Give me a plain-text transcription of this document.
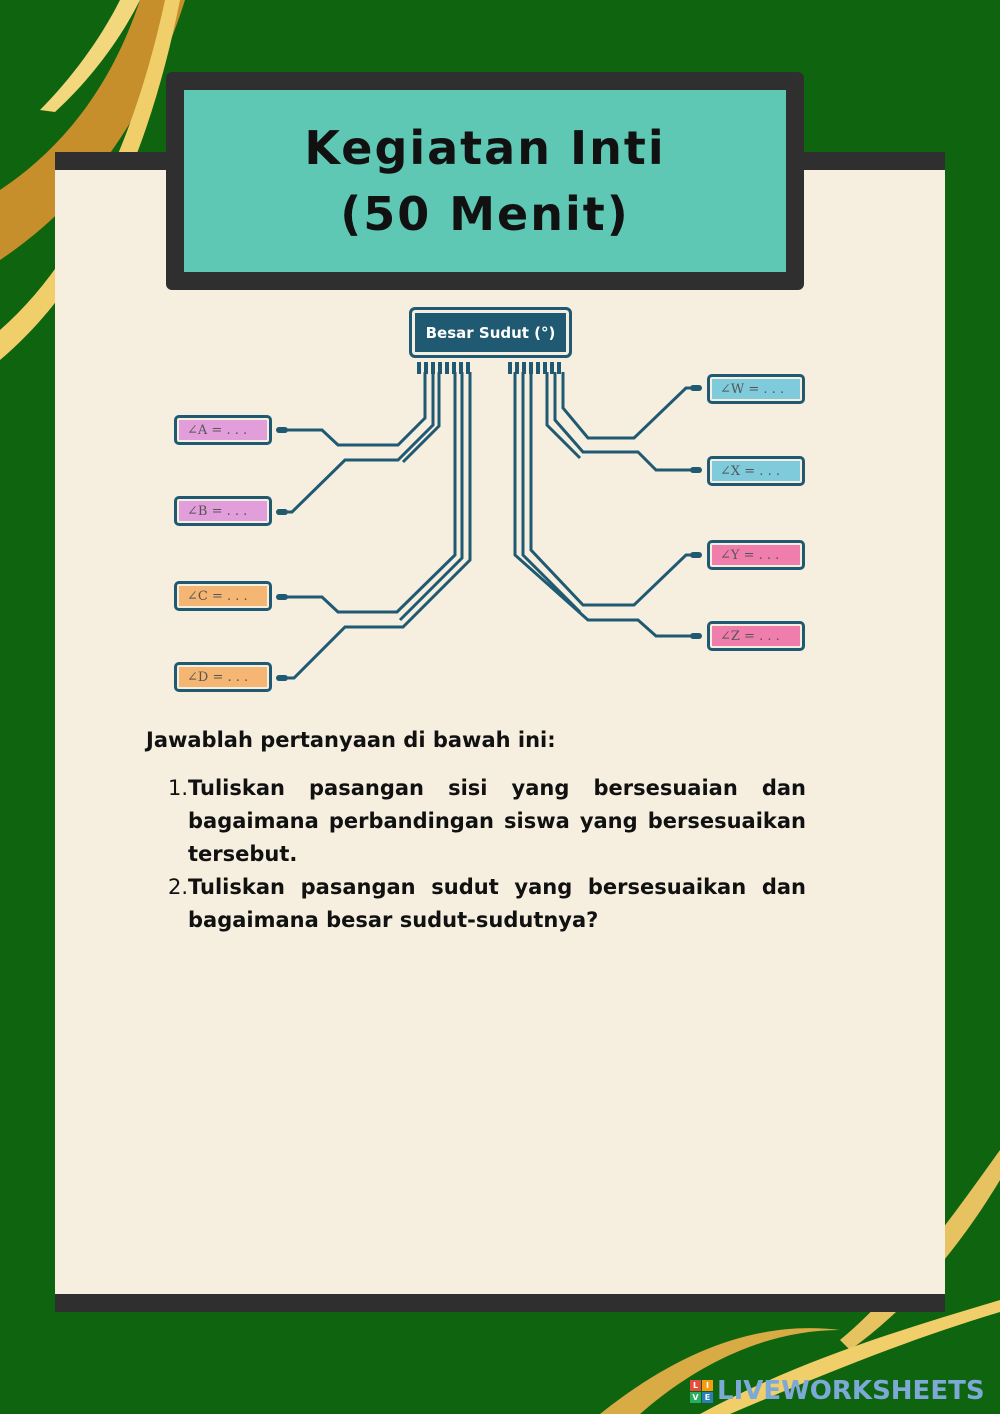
Kegiatan Inti
(50 Menit)
Besar Sudut (°)
∠A = . . .
∠B = . . .
∠C = . . .
∠D = . . .
∠W = . . .
∠X = . . .
∠Y = . . .
∠Z = . . .
Jawablah pertanyaan di bawah ini:
1. Tuliskan pasangan sisi yang bersesuaian dan bagaimana perbandingan siswa yang bersesuaikan tersebut.
2. Tuliskan pasangan sudut yang bersesuaikan dan bagaimana besar sudut-sudutnya?
L I
V E LIVEWORKSHEETS
